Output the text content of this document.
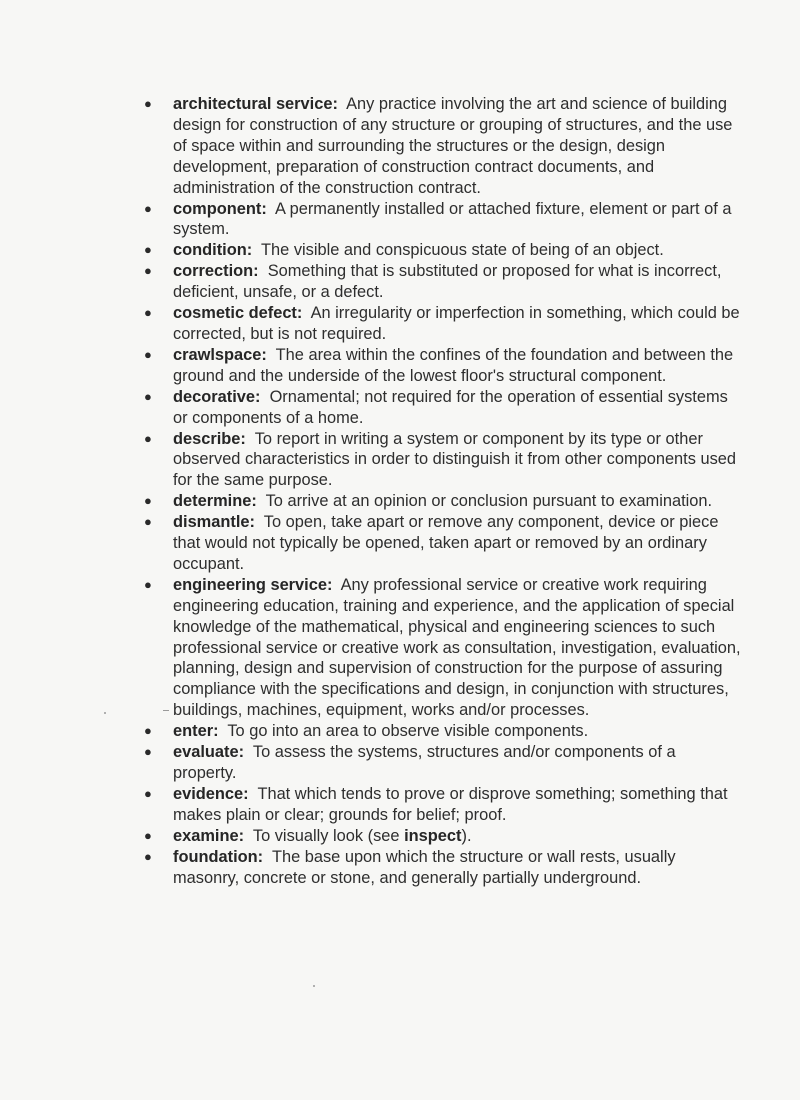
● architectural service: Any practice involving the art and science of building design for construction of any structure or grouping of structures, and the use of space within and surrounding the structures or the design, design development, preparation of construction contract documents, and administration of the construction contract.
● component: A permanently installed or attached fixture, element or part of a system.
● condition: The visible and conspicuous state of being of an object.
● correction: Something that is substituted or proposed for what is incorrect, deficient, unsafe, or a defect.
● cosmetic defect: An irregularity or imperfection in something, which could be corrected, but is not required.
● crawlspace: The area within the confines of the foundation and between the ground and the underside of the lowest floor's structural component.
● decorative: Ornamental; not required for the operation of essential systems or components of a home.
● describe: To report in writing a system or component by its type or other observed characteristics in order to distinguish it from other components used for the same purpose.
● determine: To arrive at an opinion or conclusion pursuant to examination.
● dismantle: To open, take apart or remove any component, device or piece that would not typically be opened, taken apart or removed by an ordinary occupant.
● engineering service: Any professional service or creative work requiring engineering education, training and experience, and the application of special knowledge of the mathematical, physical and engineering sciences to such professional service or creative work as consultation, investigation, evaluation, planning, design and supervision of construction for the purpose of assuring compliance with the specifications and design, in conjunction with structures, buildings, machines, equipment, works and/or processes.
● enter: To go into an area to observe visible components.
● evaluate: To assess the systems, structures and/or components of a property.
● evidence: That which tends to prove or disprove something; something that makes plain or clear; grounds for belief; proof.
● examine: To visually look (see inspect).
● foundation: The base upon which the structure or wall rests, usually masonry, concrete or stone, and generally partially underground.
